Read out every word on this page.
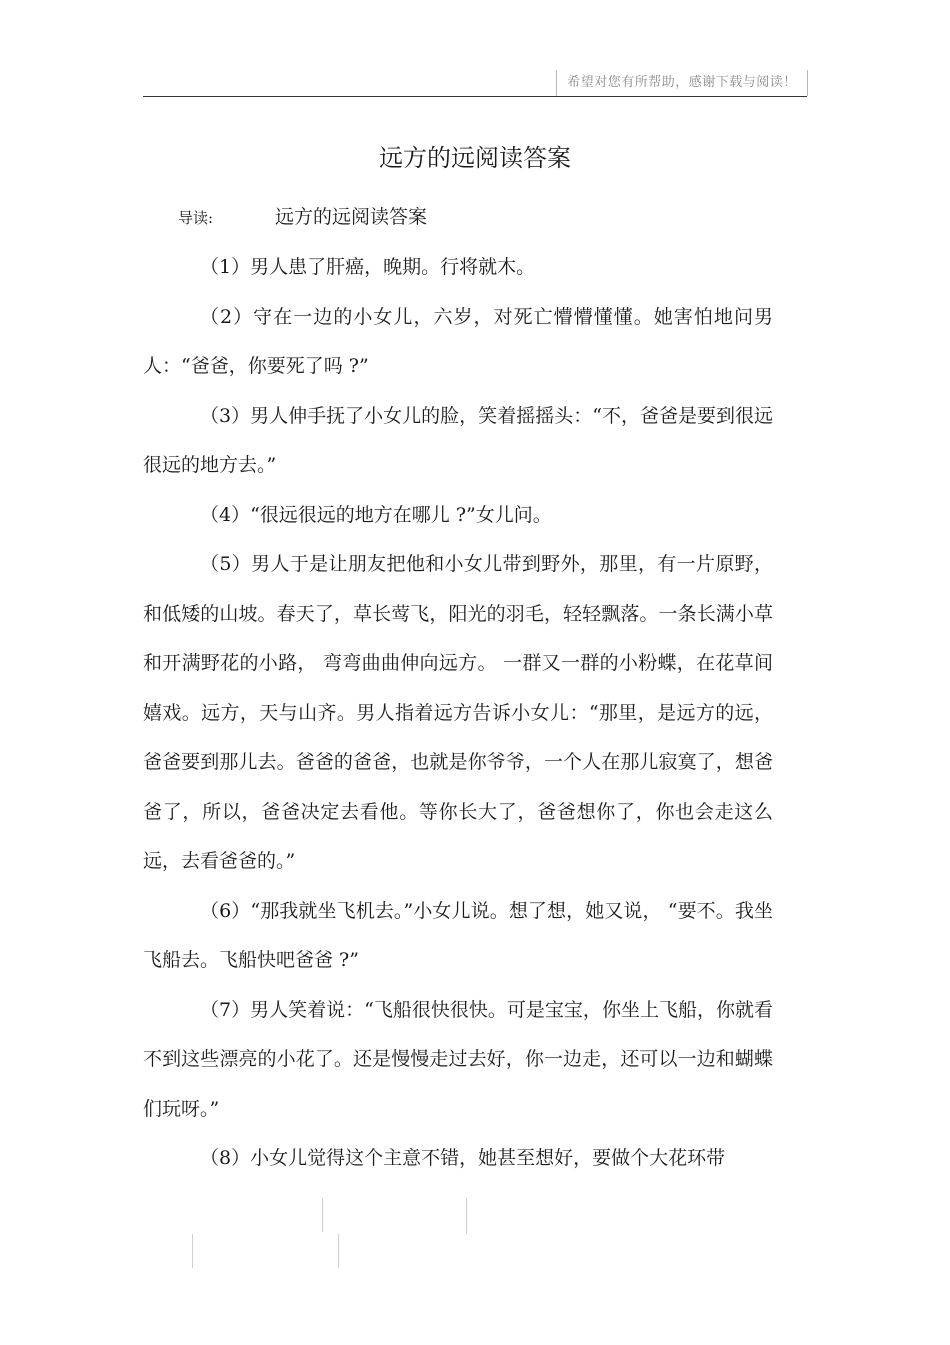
希望对您有所帮助，感谢下载与阅读！
远方的远阅读答案
导读:	远方的远阅读答案

（1）男人患了肝癌，晚期。行将就木。

（2）守在一边的小女儿，六岁，对死亡懵懵懂懂。她害怕地问男人：“爸爸，你要死了吗 ?”

（3）男人伸手抚了小女儿的脸，笑着摇摇头：“不，爸爸是要到很远很远的地方去。”

（4）“很远很远的地方在哪儿 ?”女儿问。

（5）男人于是让朋友把他和小女儿带到野外，那里，有一片原野，和低矮的山坡。春天了，草长莺飞，阳光的羽毛，轻轻飘落。一条长满小草和开满野花的小路， 弯弯曲曲伸向远方。 一群又一群的小粉蝶，在花草间嬉戏。远方，天与山齐。男人指着远方告诉小女儿：“那里，是远方的远，爸爸要到那儿去。爸爸的爸爸，也就是你爷爷，一个人在那儿寂寞了，想爸爸了，所以，爸爸决定去看他。等你长大了，爸爸想你了，你也会走这么远，去看爸爸的。”

（6）“那我就坐飞机去。”小女儿说。想了想，她又说， “要不。我坐飞船去。飞船快吧爸爸 ?”

（7）男人笑着说：“飞船很快很快。可是宝宝，你坐上飞船，你就看不到这些漂亮的小花了。还是慢慢走过去好，你一边走，还可以一边和蝴蝶们玩呀。”

（8）小女儿觉得这个主意不错，她甚至想好，要做个大花环带
